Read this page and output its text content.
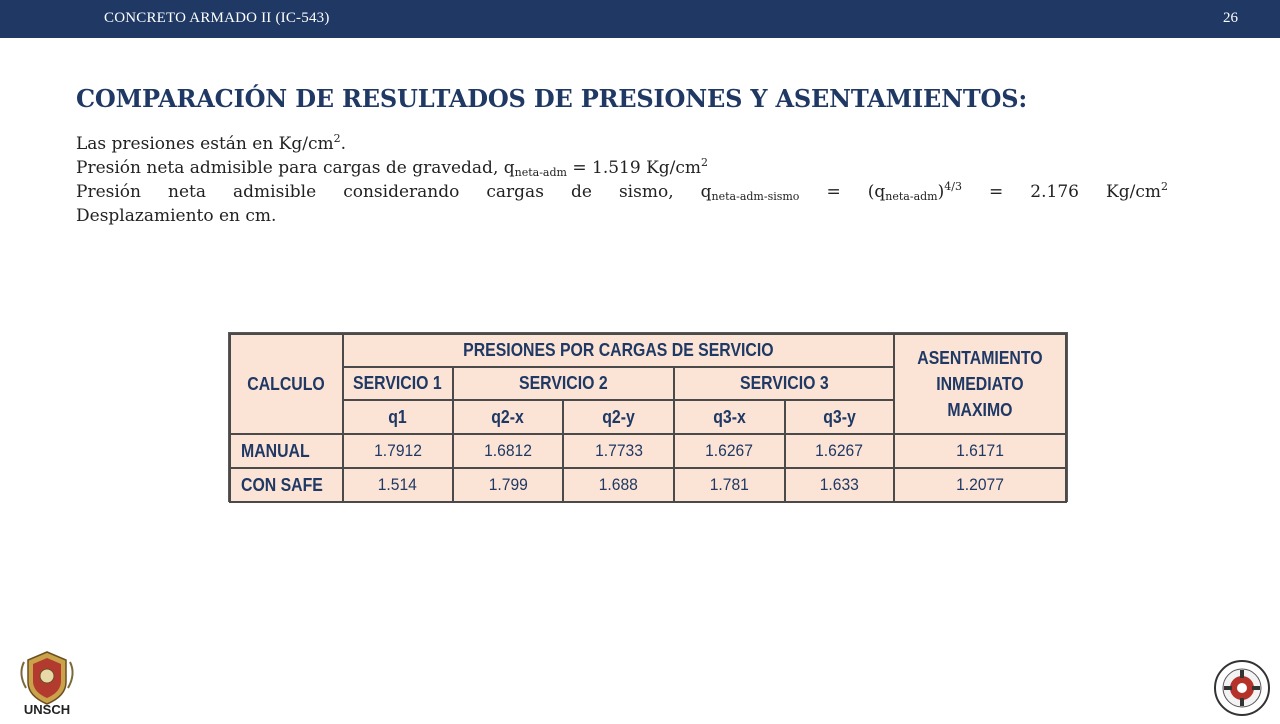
CONCRETO ARMADO II (IC-543)	26
COMPARACIÓN DE RESULTADOS DE PRESIONES Y ASENTAMIENTOS:

Las presiones están en $Kg/cm^2$.

Presión neta admisible para cargas de gravedad, $q_{neta-adm} = 1.519$ $Kg/cm^2$

Presión neta admisible considerando cargas de sismo, $q_{neta-adm-sismo} = (q_{neta-adm})^{4/3} = 2.176$ $Kg/cm^2$

Desplazamiento en cm.

CALCULO	PRESIONES POR CARGAS DE SERVICIO					ASENTAMIENTO
INMEDIATO
MAXIMO

	SERVICIO 1	SERVICIO 2		SERVICIO 3		
	q1	q2-x	q2-y	q3-x	q3-y	
MANUAL	1.7912	1.6812	1.7733	1.6267	1.6267	1.6171
CON SAFE	1.514	1.799	1.688	1.781	1.633	1.2077
UNSCH
